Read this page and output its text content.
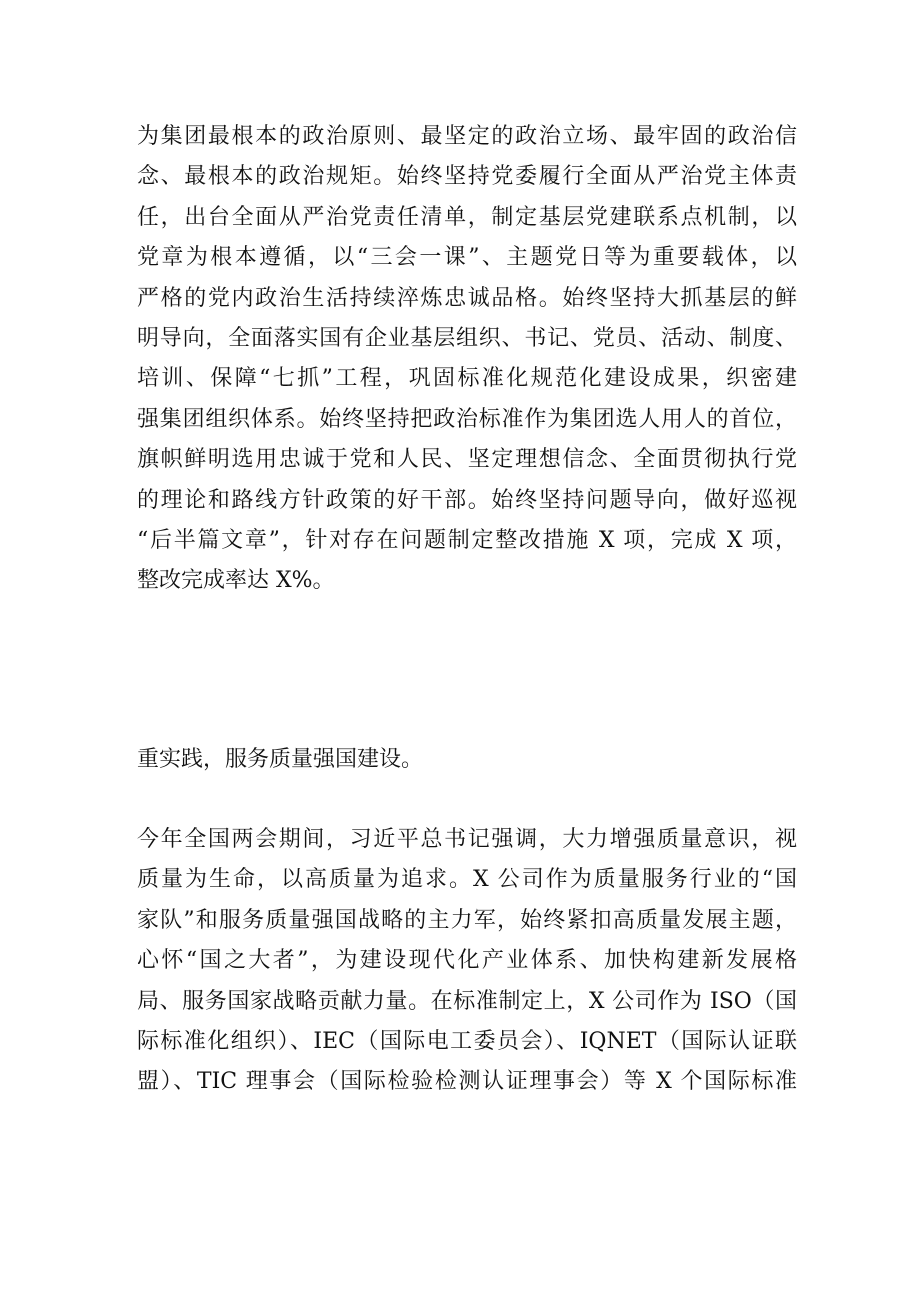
为集团最根本的政治原则、最坚定的政治立场、最牢固的政治信
念、最根本的政治规矩。始终坚持党委履行全面从严治党主体责
任，出台全面从严治党责任清单，制定基层党建联系点机制，以
党章为根本遵循，以“三会一课”、主题党日等为重要载体，以
严格的党内政治生活持续淬炼忠诚品格。始终坚持大抓基层的鲜
明导向，全面落实国有企业基层组织、书记、党员、活动、制度、
培训、保障“七抓”工程，巩固标准化规范化建设成果，织密建
强集团组织体系。始终坚持把政治标准作为集团选人用人的首位，
旗帜鲜明选用忠诚于党和人民、坚定理想信念、全面贯彻执行党
的理论和路线方针政策的好干部。始终坚持问题导向，做好巡视
“后半篇文章”，针对存在问题制定整改措施 X 项，完成 X 项，
整改完成率达 X%。
重实践，服务质量强国建设。
今年全国两会期间，习近平总书记强调，大力增强质量意识，视
质量为生命，以高质量为追求。X 公司作为质量服务行业的“国
家队”和服务质量强国战略的主力军，始终紧扣高质量发展主题，
心怀“国之大者”，为建设现代化产业体系、加快构建新发展格
局、服务国家战略贡献力量。在标准制定上，X 公司作为 ISO（国
际标准化组织）、IEC（国际电工委员会）、IQNET（国际认证联
盟）、TIC 理事会（国际检验检测认证理事会）等 X 个国际标准
